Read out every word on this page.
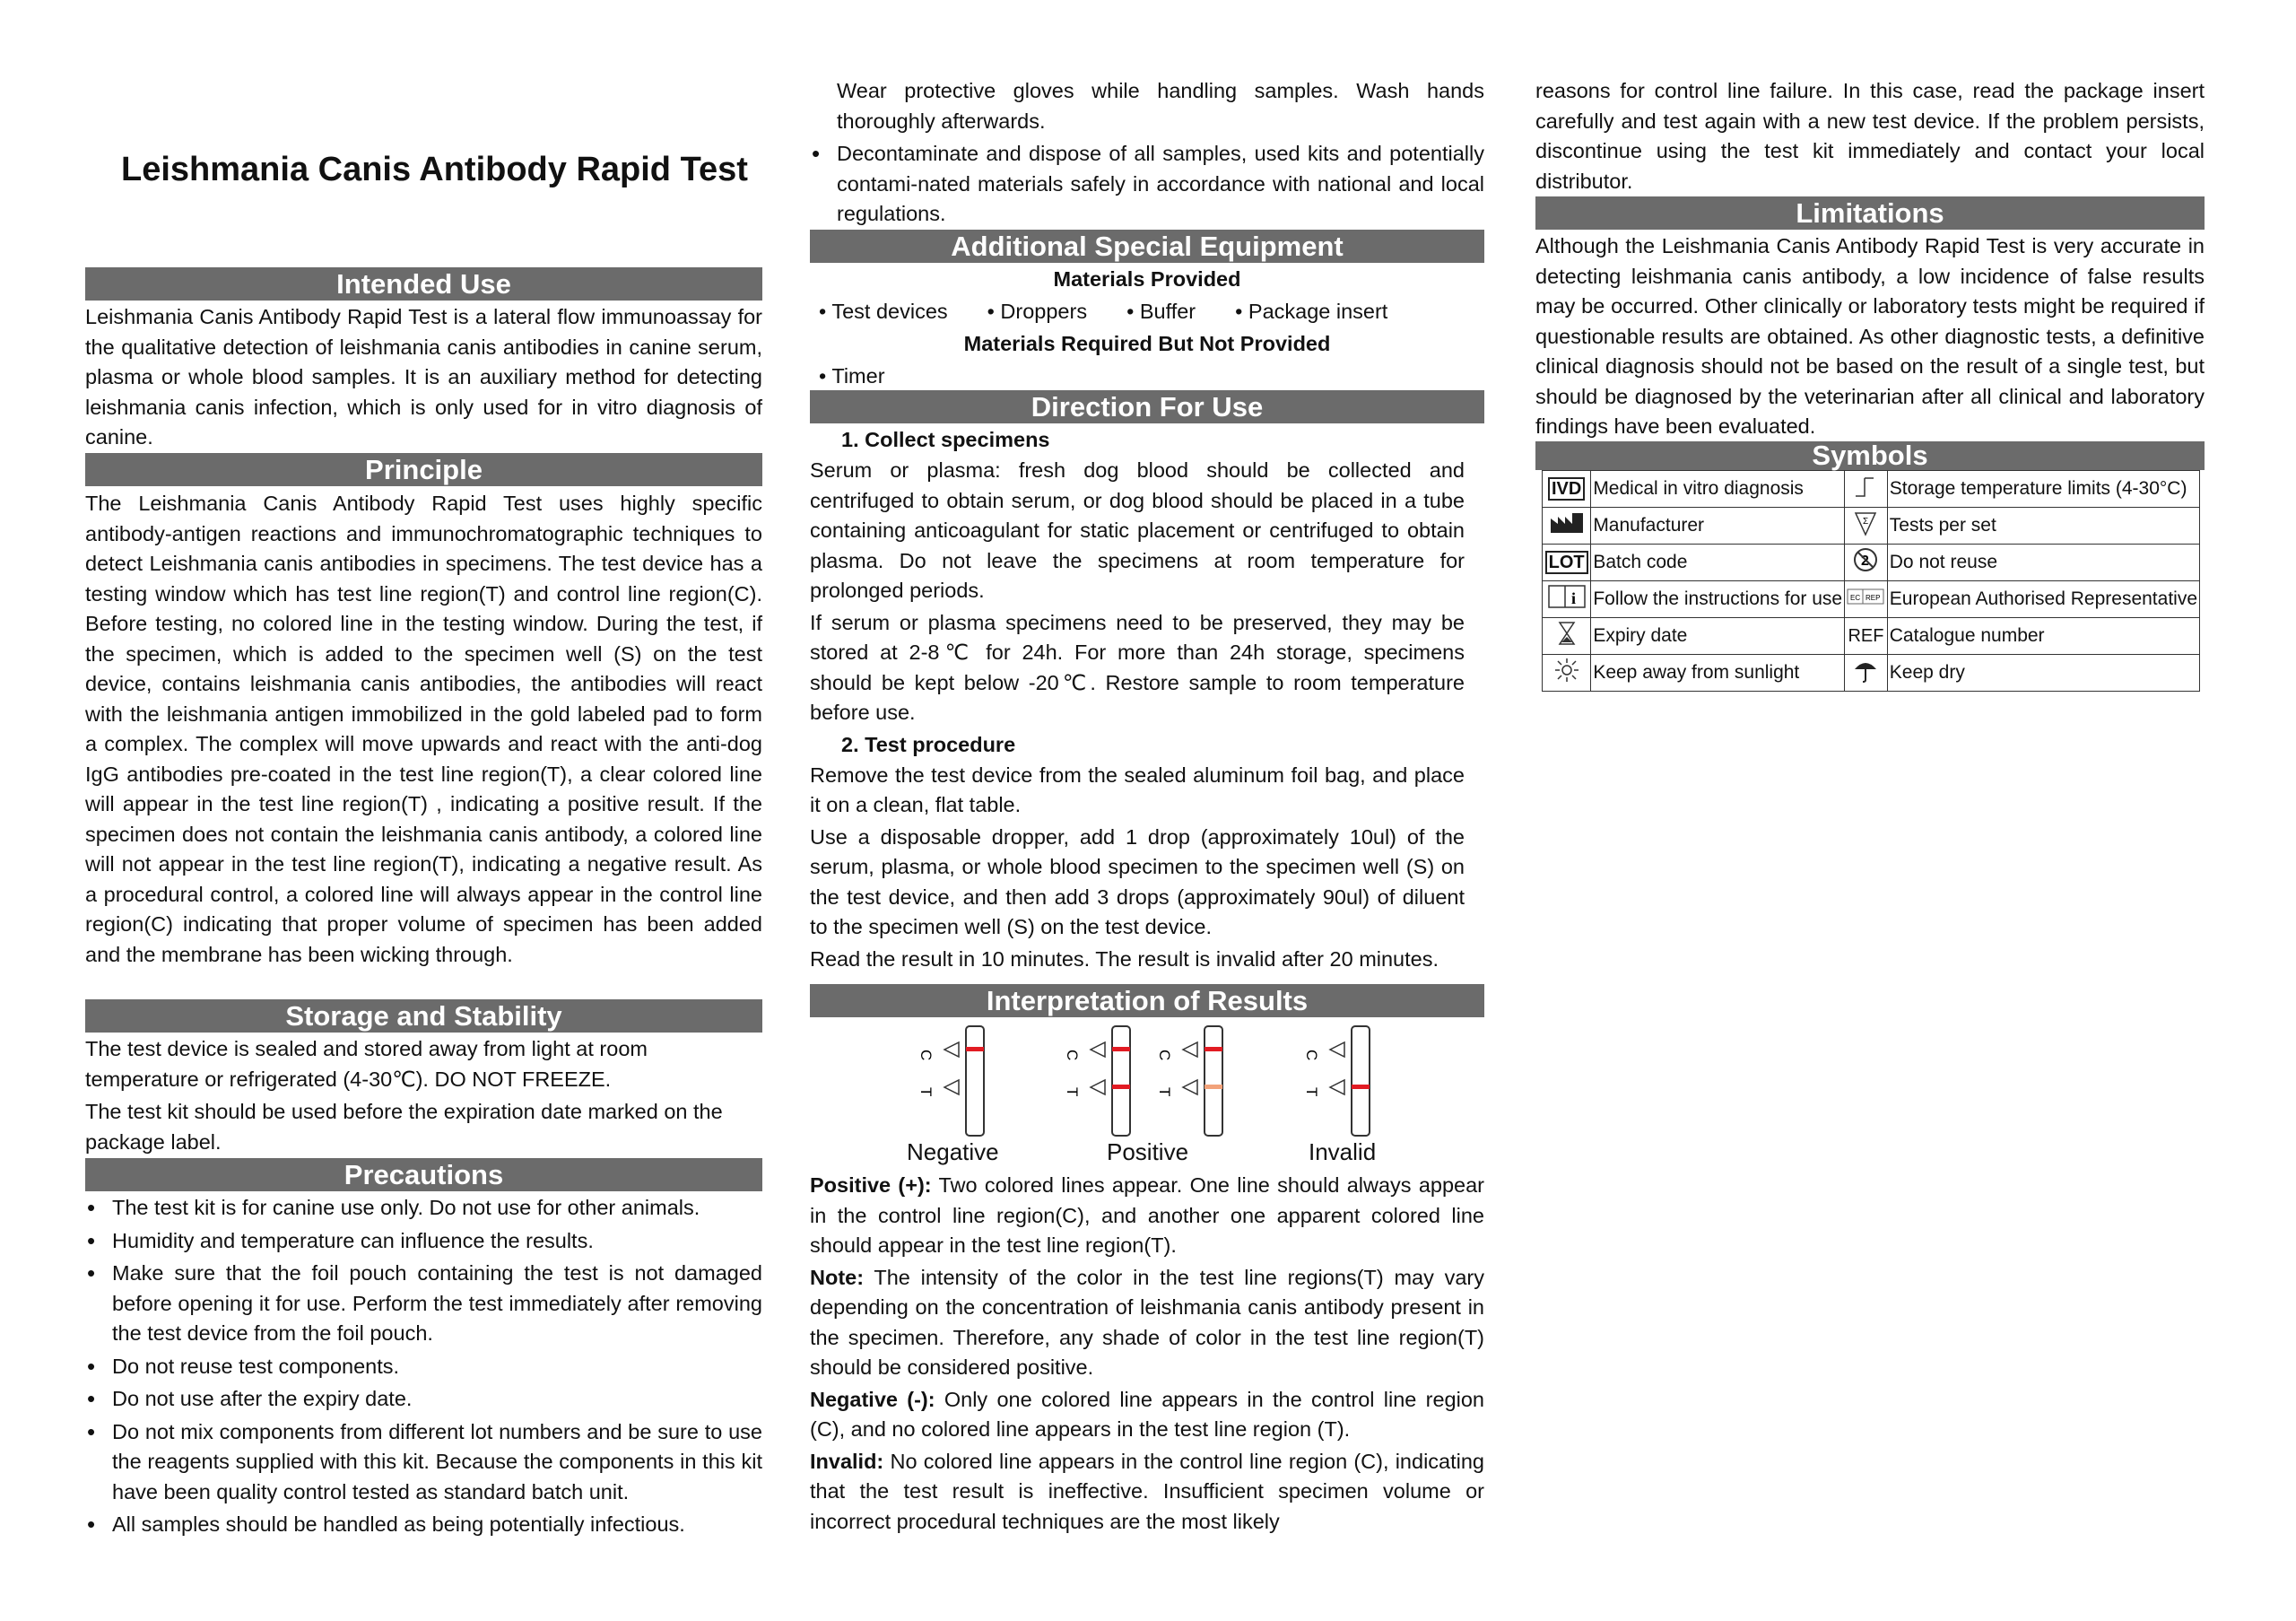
Leishmania Canis Antibody Rapid Test
Intended Use

Leishmania Canis Antibody Rapid Test is a lateral flow immunoassay for the qualitative detection of leishmania canis antibodies in canine serum, plasma or whole blood samples. It is an auxiliary method for detecting leishmania canis infection, which is only used for in vitro diagnosis of canine.

Principle

The Leishmania Canis Antibody Rapid Test uses highly specific antibody-antigen reactions and immunochromatographic techniques to detect Leishmania canis antibodies in specimens. The test device has a testing window which has test line region(T) and control line region(C). Before testing, no colored line in the testing window. During the test, if the specimen, which is added to the specimen well (S) on the test device, contains leishmania canis antibodies, the antibodies will react with the leishmania antigen immobilized in the gold labeled pad to form a complex. The complex will move upwards and react with the anti-dog IgG antibodies pre-coated in the test line region(T), a clear colored line will appear in the test line region(T) , indicating a positive result. If the specimen does not contain the leishmania canis antibody, a colored line will not appear in the test line region(T), indicating a negative result. As a procedural control, a colored line will always appear in the control line region(C) indicating that proper volume of specimen has been added and the membrane has been wicking through.

Storage and Stability

The test device is sealed and stored away from light at room temperature or refrigerated (4-30℃). DO NOT FREEZE.

The test kit should be used before the expiration date marked on the package label.

Precautions
• The test kit is for canine use only. Do not use for other animals.
• Humidity and temperature can influence the results.
• Make sure that the foil pouch containing the test is not damaged before opening it for use. Perform the test immediately after removing the test device from the foil pouch.
• Do not reuse test components.
• Do not use after the expiry date.
• Do not mix components from different lot numbers and be sure to use the reagents supplied with this kit. Because the components in this kit have been quality control tested as standard batch unit.
• All samples should be handled as being potentially infectious.

Wear protective gloves while handling samples. Wash hands thoroughly afterwards.

• Decontaminate and dispose of all samples, used kits and potentially contami-nated materials safely in accordance with national and local regulations.
Additional Special Equipment
Materials Provided
• Test devices • Droppers • Buffer • Package insert
Materials Required But Not Provided
• Timer
Direction For Use
1. Collect specimens

Serum or plasma: fresh dog blood should be collected and centrifuged to obtain serum, or dog blood should be placed in a tube containing anticoagulant for static placement or centrifuged to obtain plasma. Do not leave the specimens at room temperature for prolonged periods.

If serum or plasma specimens need to be preserved, they may be stored at 2-8℃ for 24h. For more than 24h storage, specimens should be kept below -20℃. Restore sample to room temperature before use.

2. Test procedure

Remove the test device from the sealed aluminum foil bag, and place it on a clean, flat table.

Use a disposable dropper, add 1 drop (approximately 10ul) of the serum, plasma, or whole blood specimen to the specimen well (S) on the test device, and then add 3 drops (approximately 90ul) of diluent to the specimen well (S) on the test device.

Read the result in 10 minutes. The result is invalid after 20 minutes.

Interpretation of Results
C
T
C
T
C
T
C
T
Negative	Positive	Invalid

Positive (+): Two colored lines appear. One line should always appear in the control line region(C), and another one apparent colored line should appear in the test line region(T).

Note: The intensity of the color in the test line regions(T) may vary depending on the concentration of leishmania canis antibody present in the specimen. Therefore, any shade of color in the test line region(T) should be considered positive.

Negative (-): Only one colored line appears in the control line region (C), and no colored line appears in the test line region (T).

Invalid: No colored line appears in the control line region (C), indicating that the test result is ineffective. Insufficient specimen volume or incorrect procedural techniques are the most likely

reasons for control line failure. In this case, read the package insert carefully and test again with a new test device. If the problem persists, discontinue using the test kit immediately and contact your local distributor.

Limitations

Although the Leishmania Canis Antibody Rapid Test is very accurate in detecting leishmania canis antibody, a low incidence of false results may be occurred. Other clinically or laboratory tests might be required if questionable results are obtained. As other diagnostic tests, a definitive clinical diagnosis should not be based on the result of a single test, but should be diagnosed by the veterinarian after all clinical and laboratory findings have been evaluated.

Symbols
IVD	Medical in vitro diagnosis		Storage temperature limits (4-30°C)
	Manufacturer	Σ	Tests per set
LOT	Batch code	2	Do not reuse

i	Follow the instructions for use	EC REP	European Authorised Representative
	Expiry date	REF	Catalogue number
	Keep away from sunlight		Keep dry
